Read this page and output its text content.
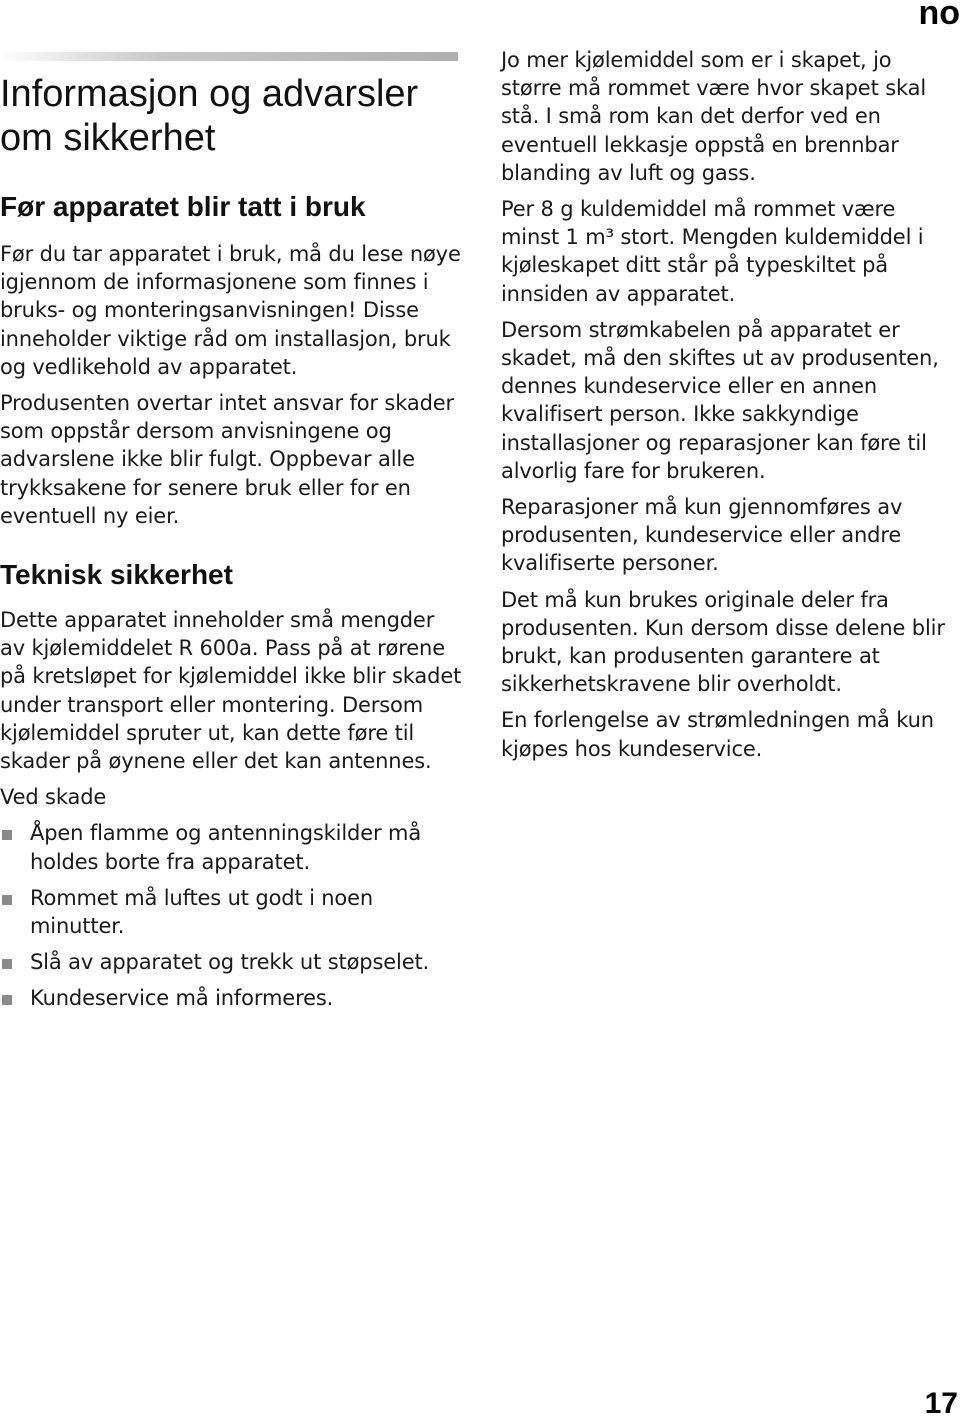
no
Informasjon og advarsler om sikkerhet
Før apparatet blir tatt i bruk

Før du tar apparatet i bruk, må du lese nøye igjennom de informasjonene som finnes i bruks- og monteringsanvisningen! Disse inneholder viktige råd om installasjon, bruk og vedlikehold av apparatet.

Produsenten overtar intet ansvar for skader som oppstår dersom anvisningene og advarslene ikke blir fulgt. Oppbevar alle trykksakene for senere bruk eller for en eventuell ny eier.

Teknisk sikkerhet

Dette apparatet inneholder små mengder av kjølemiddelet R 600a. Pass på at rørene på kretsløpet for kjølemiddel ikke blir skadet under transport eller montering. Dersom kjølemiddel spruter ut, kan dette føre til skader på øynene eller det kan antennes.

Ved skade

Åpen flamme og antenningskilder må holdes borte fra apparatet.
Rommet må luftes ut godt i noen minutter.
Slå av apparatet og trekk ut støpselet.
Kundeservice må informeres.

Jo mer kjølemiddel som er i skapet, jo større må rommet være hvor skapet skal stå. I små rom kan det derfor ved en eventuell lekkasje oppstå en brennbar blanding av luft og gass.

Per 8 g kuldemiddel må rommet være minst 1 m³ stort. Mengden kuldemiddel i kjøleskapet ditt står på typeskiltet på innsiden av apparatet.

Dersom strømkabelen på apparatet er skadet, må den skiftes ut av produsenten, dennes kundeservice eller en annen kvalifisert person. Ikke sakkyndige installasjoner og reparasjoner kan føre til alvorlig fare for brukeren.

Reparasjoner må kun gjennomføres av produsenten, kundeservice eller andre kvalifiserte personer.

Det må kun brukes originale deler fra produsenten. Kun dersom disse delene blir brukt, kan produsenten garantere at sikkerhetskravene blir overholdt.

En forlengelse av strømledningen må kun kjøpes hos kundeservice.

17
